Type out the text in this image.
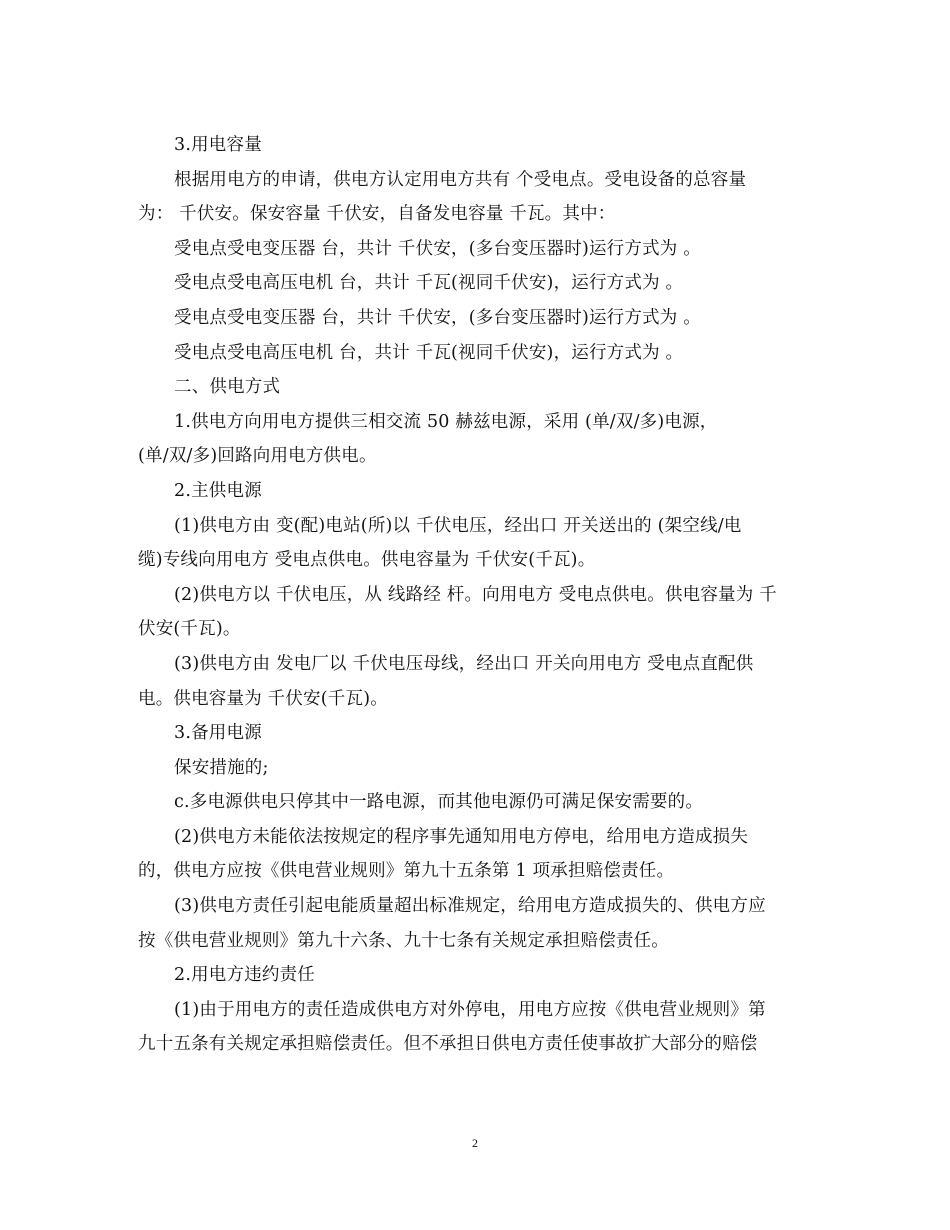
3.用电容量
根据用电方的申请，供电方认定用电方共有 个受电点。受电设备的总容量
为： 千伏安。保安容量 千伏安，自备发电容量 千瓦。其中：
受电点受电变压器 台，共计 千伏安，(多台变压器时)运行方式为 。
受电点受电高压电机 台，共计 千瓦(视同千伏安)，运行方式为 。
受电点受电变压器 台，共计 千伏安，(多台变压器时)运行方式为 。
受电点受电高压电机 台，共计 千瓦(视同千伏安)，运行方式为 。
二、供电方式
1.供电方向用电方提供三相交流 50 赫兹电源，采用 (单/双/多)电源，
(单/双/多)回路向用电方供电。
2.主供电源
(1)供电方由 变(配)电站(所)以 千伏电压，经出口 开关送出的 (架空线/电
缆)专线向用电方 受电点供电。供电容量为 千伏安(千瓦)。
(2)供电方以 千伏电压，从 线路经 杆。向用电方 受电点供电。供电容量为 千
伏安(千瓦)。
(3)供电方由 发电厂以 千伏电压母线，经出口 开关向用电方 受电点直配供
电。供电容量为 千伏安(千瓦)。
3.备用电源
保安措施的;
c.多电源供电只停其中一路电源，而其他电源仍可满足保安需要的。
(2)供电方未能依法按规定的程序事先通知用电方停电，给用电方造成损失
的，供电方应按《供电营业规则》第九十五条第 1 项承担赔偿责任。
(3)供电方责任引起电能质量超出标准规定，给用电方造成损失的、供电方应
按《供电营业规则》第九十六条、九十七条有关规定承担赔偿责任。
2.用电方违约责任
(1)由于用电方的责任造成供电方对外停电，用电方应按《供电营业规则》第
九十五条有关规定承担赔偿责任。但不承担日供电方责任使事故扩大部分的赔偿
2
